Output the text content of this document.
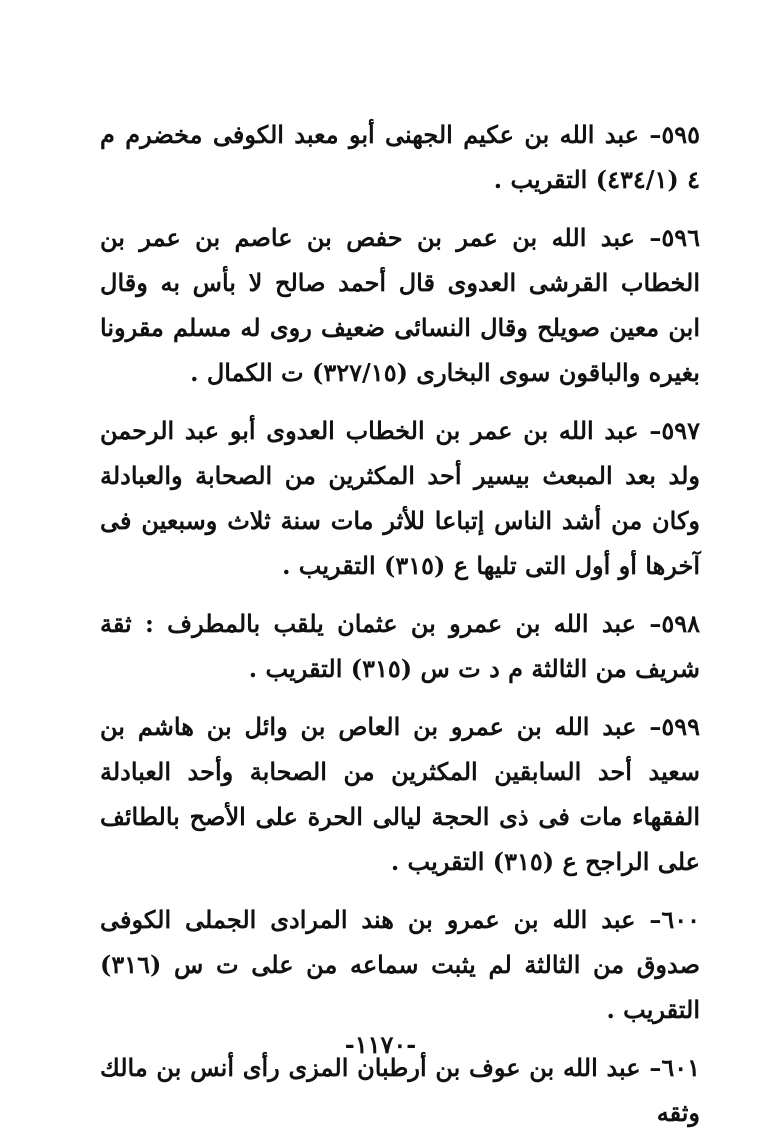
٥٩٥– عبد الله بن عكيم الجهنى أبو معبد الكوفى مخضرم م ٤ (٤٣٤/١) التقريب .

٥٩٦– عبد الله بن عمر بن حفص بن عاصم بن عمر بن الخطاب القرشى العدوى قال أحمد صالح لا بأس به وقال ابن معين صويلح وقال النسائى ضعيف روى له مسلم مقرونا بغيره والباقون سوى البخارى (٣٢٧/١٥) ت الكمال .

٥٩٧– عبد الله بن عمر بن الخطاب العدوى أبو عبد الرحمن ولد بعد المبعث بيسير أحد المكثرين من الصحابة والعبادلة وكان من أشد الناس إتباعا للأثر مات سنة ثلاث وسبعين فى آخرها أو أول التى تليها ع (٣١٥) التقريب .

٥٩٨– عبد الله بن عمرو بن عثمان يلقب بالمطرف : ثقة شريف من الثالثة م د ت س (٣١٥) التقريب .

٥٩٩– عبد الله بن عمرو بن العاص بن وائل بن هاشم بن سعيد أحد السابقين المكثرين من الصحابة وأحد العبادلة الفقهاء مات فى ذى الحجة ليالى الحرة على الأصح بالطائف على الراجح ع (٣١٥) التقريب .

٦٠٠– عبد الله بن عمرو بن هند المرادى الجملى الكوفى صدوق من الثالثة لم يثبت سماعه من على ت س (٣١٦) التقريب .

٦٠١– عبد الله بن عوف بن أرطبان المزى رأى أنس بن مالك وثقه

-١١٧٠-
